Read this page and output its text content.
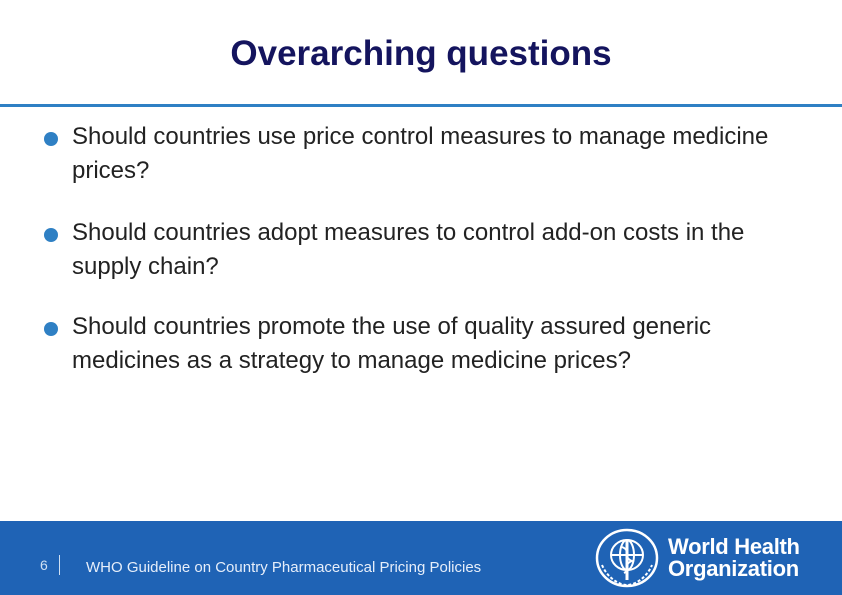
Overarching questions
Should countries use price control measures to manage medicine prices?
Should countries adopt measures to control add-on costs in the supply chain?
Should countries promote the use of quality assured generic medicines as a strategy to manage medicine prices?
6	WHO Guideline on Country Pharmaceutical Pricing Policies
World Health
Organization
